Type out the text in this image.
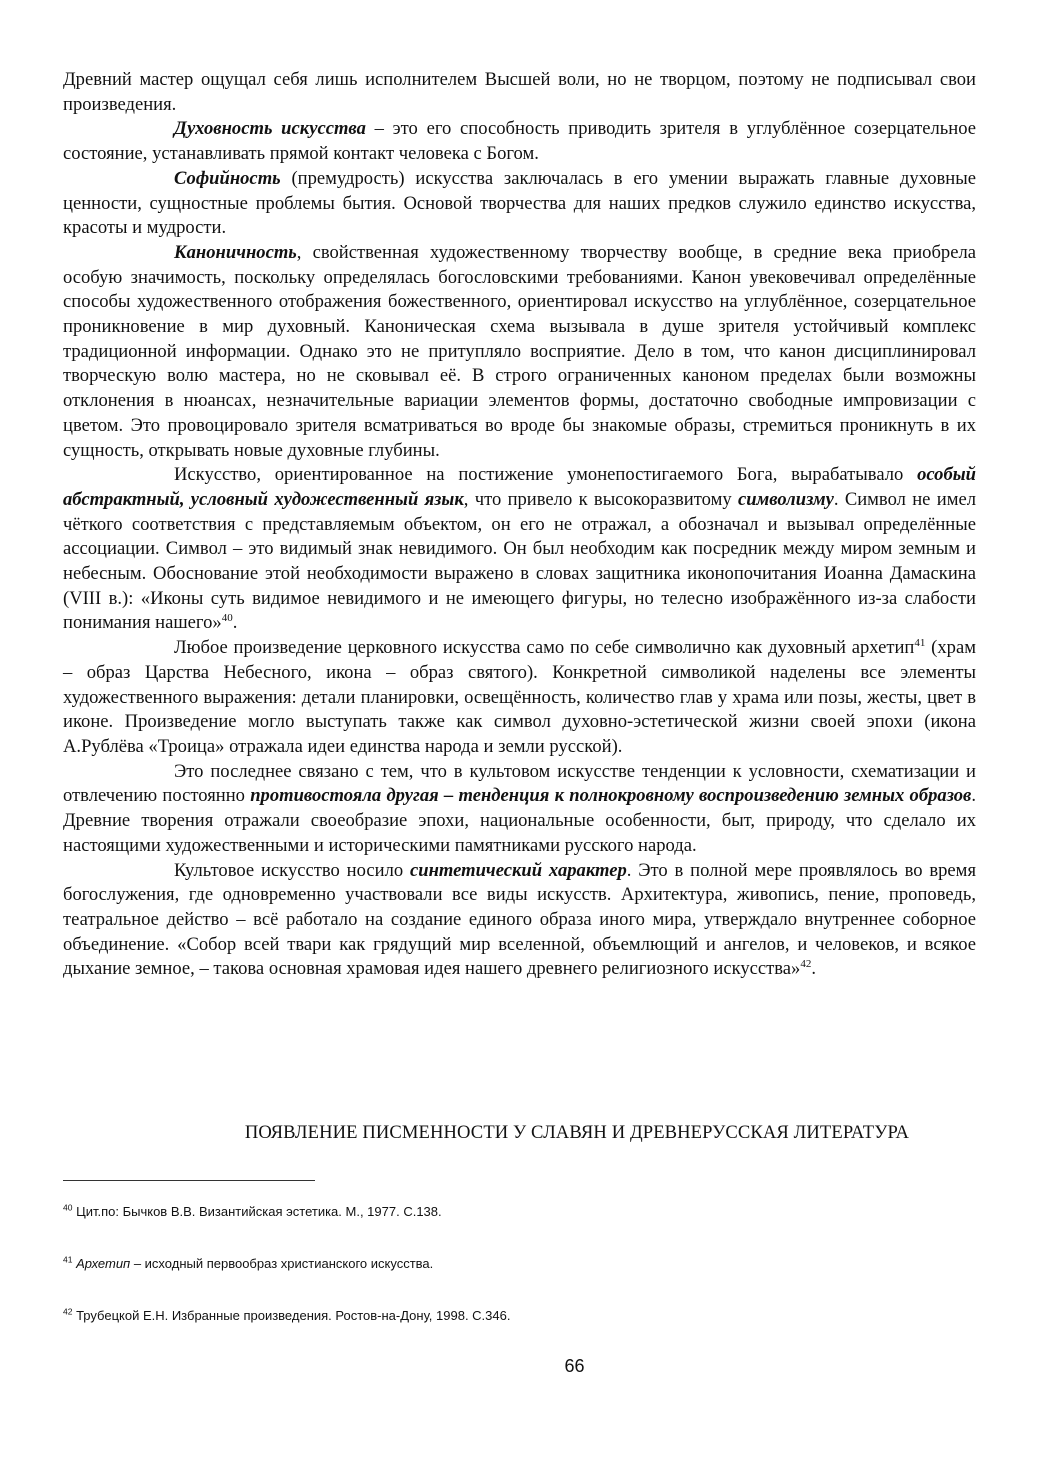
Древний мастер ощущал себя лишь исполнителем Высшей воли, но не творцом, поэтому не подписывал свои произведения.

Духовность искусства – это его способность приводить зрителя в углублённое созерцательное состояние, устанавливать прямой контакт человека с Богом.

Софийность (премудрость) искусства заключалась в его умении выражать главные духовные ценности, сущностные проблемы бытия. Основой творчества для наших предков служило единство искусства, красоты и мудрости.

Каноничность, свойственная художественному творчеству вообще, в средние века приобрела особую значимость, поскольку определялась богословскими требованиями. Канон увековечивал определённые способы художественного отображения божественного, ориентировал искусство на углублённое, созерцательное проникновение в мир духовный. Каноническая схема вызывала в душе зрителя устойчивый комплекс традиционной информации. Однако это не притупляло восприятие. Дело в том, что канон дисциплинировал творческую волю мастера, но не сковывал её. В строго ограниченных каноном пределах были возможны отклонения в нюансах, незначительные вариации элементов формы, достаточно свободные импровизации с цветом. Это провоцировало зрителя всматриваться во вроде бы знакомые образы, стремиться проникнуть в их сущность, открывать новые духовные глубины.

Искусство, ориентированное на постижение умонепостигаемого Бога, вырабатывало особый абстрактный, условный художественный язык, что привело к высокоразвитому символизму. Символ не имел чёткого соответствия с представляемым объектом, он его не отражал, а обозначал и вызывал определённые ассоциации. Символ – это видимый знак невидимого. Он был необходим как посредник между миром земным и небесным. Обоснование этой необходимости выражено в словах защитника иконопочитания Иоанна Дамаскина (VIII в.): «Иконы суть видимое невидимого и не имеющего фигуры, но телесно изображённого из-за слабости понимания нашего»$^{40}$.

Любое произведение церковного искусства само по себе символично как духовный архетип$^{41}$ (храм – образ Царства Небесного, икона – образ святого). Конкретной символикой наделены все элементы художественного выражения: детали планировки, освещённость, количество глав у храма или позы, жесты, цвет в иконе. Произведение могло выступать также как символ духовно-эстетической жизни своей эпохи (икона А.Рублёва «Троица» отражала идеи единства народа и земли русской).

Это последнее связано с тем, что в культовом искусстве тенденции к условности, схематизации и отвлечению постоянно противостояла другая – тенденция к полнокровному воспроизведению земных образов. Древние творения отражали своеобразие эпохи, национальные особенности, быт, природу, что сделало их настоящими художественными и историческими памятниками русского народа.

Культовое искусство носило синтетический характер. Это в полной мере проявлялось во время богослужения, где одновременно участвовали все виды искусств. Архитектура, живопись, пение, проповедь, театральное действо – всё работало на создание единого образа иного мира, утверждало внутреннее соборное объединение. «Собор всей твари как грядущий мир вселенной, объемлющий и ангелов, и человеков, и всякое дыхание земное, – такова основная храмовая идея нашего древнего религиозного искусства»$^{42}$.

ПОЯВЛЕНИЕ ПИСМЕННОСТИ У СЛАВЯН И ДРЕВНЕРУССКАЯ ЛИТЕРАТУРА
$^{40}$ Цит.по: Бычков В.В. Византийская эстетика. М., 1977. С.138.
$^{41}$ Архетип – исходный первообраз христианского искусства.
$^{42}$ Трубецкой Е.Н. Избранные произведения. Ростов-на-Дону, 1998. С.346.
66
